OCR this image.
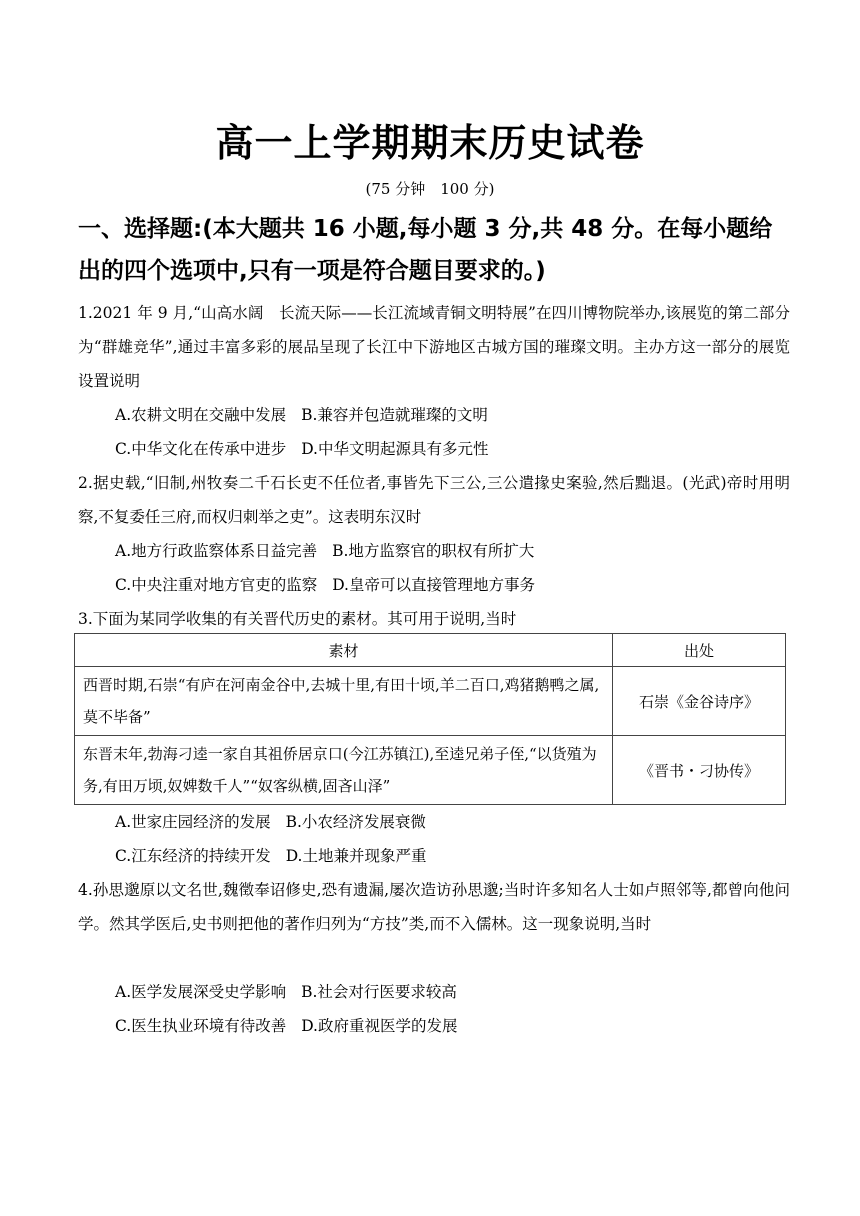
高一上学期期末历史试卷
(75 分钟　100 分)
一、选择题:(本大题共 16 小题,每小题 3 分,共 48 分。在每小题给出的四个选项中,只有一项是符合题目要求的。)
1.2021 年 9 月,“山高水阔　长流天际——长江流域青铜文明特展”在四川博物院举办,该展览的第二部分为“群雄竞华”,通过丰富多彩的展品呈现了长江中下游地区古城方国的璀璨文明。主办方这一部分的展览设置说明
A.农耕文明在交融中发展 B.兼容并包造就璀璨的文明
C.中华文化在传承中进步 D.中华文明起源具有多元性
2.据史载,“旧制,州牧奏二千石长吏不任位者,事皆先下三公,三公遣掾史案验,然后黜退。(光武)帝时用明察,不复委任三府,而权归刺举之吏”。这表明东汉时
A.地方行政监察体系日益完善 B.地方监察官的职权有所扩大
C.中央注重对地方官吏的监察 D.皇帝可以直接管理地方事务
3.下面为某同学收集的有关晋代历史的素材。其可用于说明,当时
素材	出处
西晋时期,石崇“有庐在河南金谷中,去城十里,有田十顷,羊二百口,鸡猪鹅鸭之属,莫不毕备”	石崇《金谷诗序》
东晋末年,勃海刁逵一家自其祖侨居京口(今江苏镇江),至逵兄弟子侄,“以货殖为务,有田万顷,奴婢数千人”“奴客纵横,固吝山泽”	《晋书・刁协传》
A.世家庄园经济的发展 B.小农经济发展衰微
C.江东经济的持续开发 D.土地兼并现象严重
4.孙思邈原以文名世,魏徵奉诏修史,恐有遗漏,屡次造访孙思邈;当时许多知名人士如卢照邻等,都曾向他问学。然其学医后,史书则把他的著作归列为“方技”类,而不入儒林。这一现象说明,当时
A.医学发展深受史学影响 B.社会对行医要求较高
C.医生执业环境有待改善 D.政府重视医学的发展
